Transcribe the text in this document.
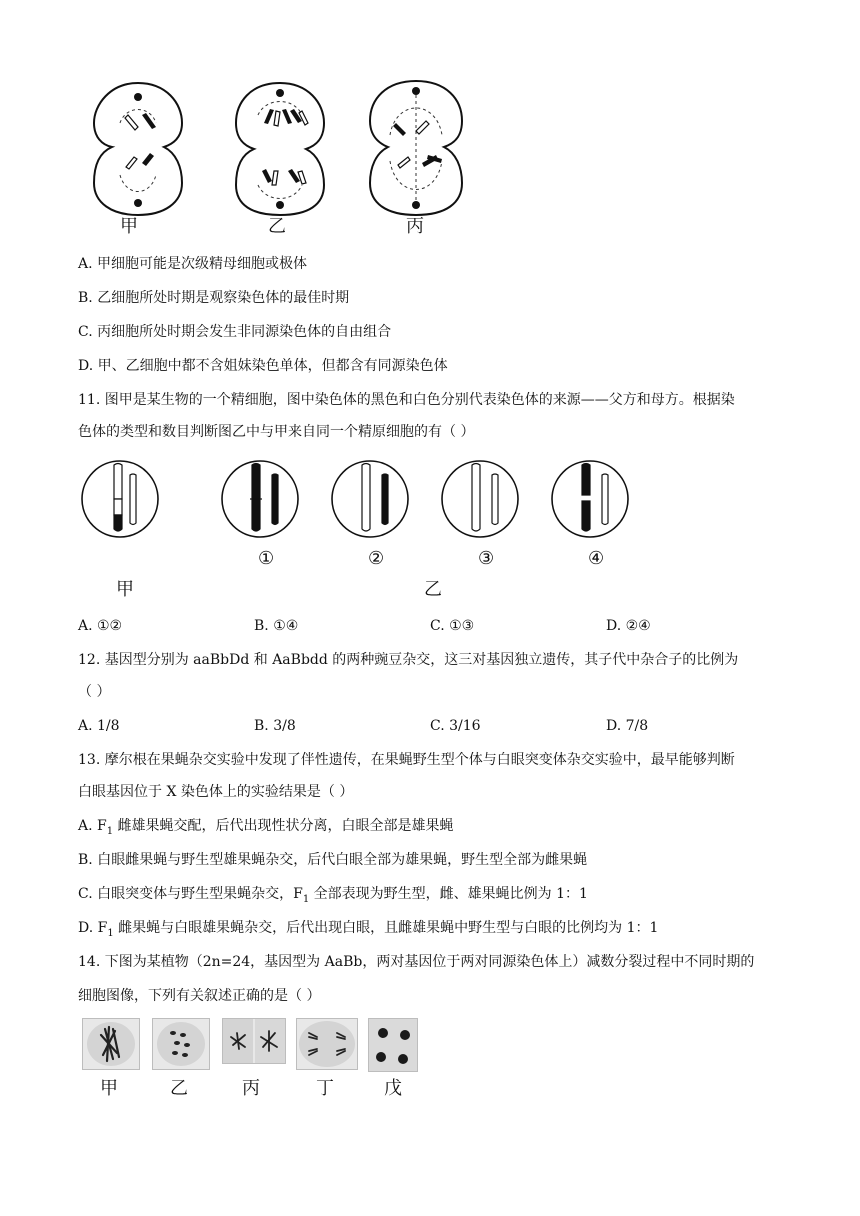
甲	乙	丙
A. 甲细胞可能是次级精母细胞或极体
B. 乙细胞所处时期是观察染色体的最佳时期
C. 丙细胞所处时期会发生非同源染色体的自由组合
D. 甲、乙细胞中都不含姐妹染色单体，但都含有同源染色体
11. 图甲是某生物的一个精细胞，图中染色体的黑色和白色分别代表染色体的来源——父方和母方。根据染
色体的类型和数目判断图乙中与甲来自同一个精原细胞的有（ ）
①	②	③	④
甲	乙
A. ①②	B. ①④	C. ①③	D. ②④
12. 基因型分别为 aaBbDd 和 AaBbdd 的两种豌豆杂交，这三对基因独立遗传，其子代中杂合子的比例为
（ ）
A. 1/8	B. 3/8	C. 3/16	D. 7/8
13. 摩尔根在果蝇杂交实验中发现了伴性遗传，在果蝇野生型个体与白眼突变体杂交实验中，最早能够判断
白眼基因位于 X 染色体上的实验结果是（ ）
A. $F_1$ 雌雄果蝇交配，后代出现性状分离，白眼全部是雄果蝇
B. 白眼雌果蝇与野生型雄果蝇杂交，后代白眼全部为雄果蝇，野生型全部为雌果蝇
C. 白眼突变体与野生型果蝇杂交，$F_1$ 全部表现为野生型，雌、雄果蝇比例为 1：1
D. $F_1$ 雌果蝇与白眼雄果蝇杂交，后代出现白眼，且雌雄果蝇中野生型与白眼的比例均为 1：1
14. 下图为某植物（2n=24，基因型为 AaBb，两对基因位于两对同源染色体上）减数分裂过程中不同时期的
细胞图像，下列有关叙述正确的是（ ）
甲	乙	丙	丁	戊
